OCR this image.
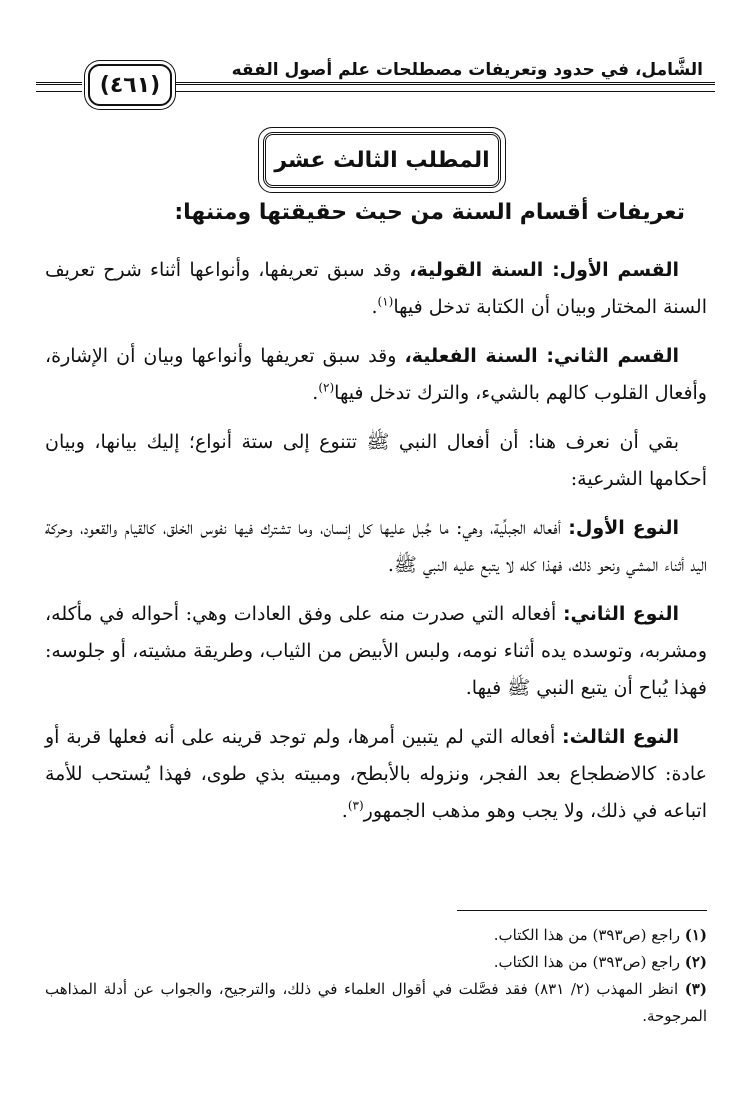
الشَّامل، في حدود وتعريفات مصطلحات علم أصول الفقه
(٤٦١)
المطلب الثالث عشر
تعريفات أقسام السنة من حيث حقيقتها ومتنها:

القسم الأول: السنة القولية، وقد سبق تعريفها، وأنواعها أثناء شرح تعريف السنة المختار وبيان أن الكتابة تدخل فيها$^{(١)}$.

القسم الثاني: السنة الفعلية، وقد سبق تعريفها وأنواعها وبيان أن الإشارة، وأفعال القلوب كالهم بالشيء، والترك تدخل فيها$^{(٢)}$.

بقي أن نعرف هنا: أن أفعال النبي ﷺ تتنوع إلى ستة أنواع؛ إليك بيانها، وبيان أحكامها الشرعية:

النوع الأول: أفعاله الجبلِّية، وهي: ما جُبل عليها كل إنسان، وما تشترك فيها نفوس الخلق، كالقيام والقعود، وحركة اليد أثناء المشي ونحو ذلك، فهذا كله لا يتبع عليه النبي ﷺ.

النوع الثاني: أفعاله التي صدرت منه على وفق العادات وهي: أحواله في مأكله، ومشربه، وتوسده يده أثناء نومه، ولبس الأبيض من الثياب، وطريقة مشيته، أو جلوسه: فهذا يُباح أن يتبع النبي ﷺ فيها.

النوع الثالث: أفعاله التي لم يتبين أمرها، ولم توجد قرينه على أنه فعلها قربة أو عادة: كالاضطجاع بعد الفجر، ونزوله بالأبطح، ومبيته بذي طوى، فهذا يُستحب للأمة اتباعه في ذلك، ولا يجب وهو مذهب الجمهور$^{(٣)}$.

(١) راجع (ص٣٩٣) من هذا الكتاب.

(٢) راجع (ص٣٩٣) من هذا الكتاب.

(٣) انظر المهذب (٢/ ٨٣١) فقد فصَّلت في أقوال العلماء في ذلك، والترجيح، والجواب عن أدلة المذاهب المرجوحة.
